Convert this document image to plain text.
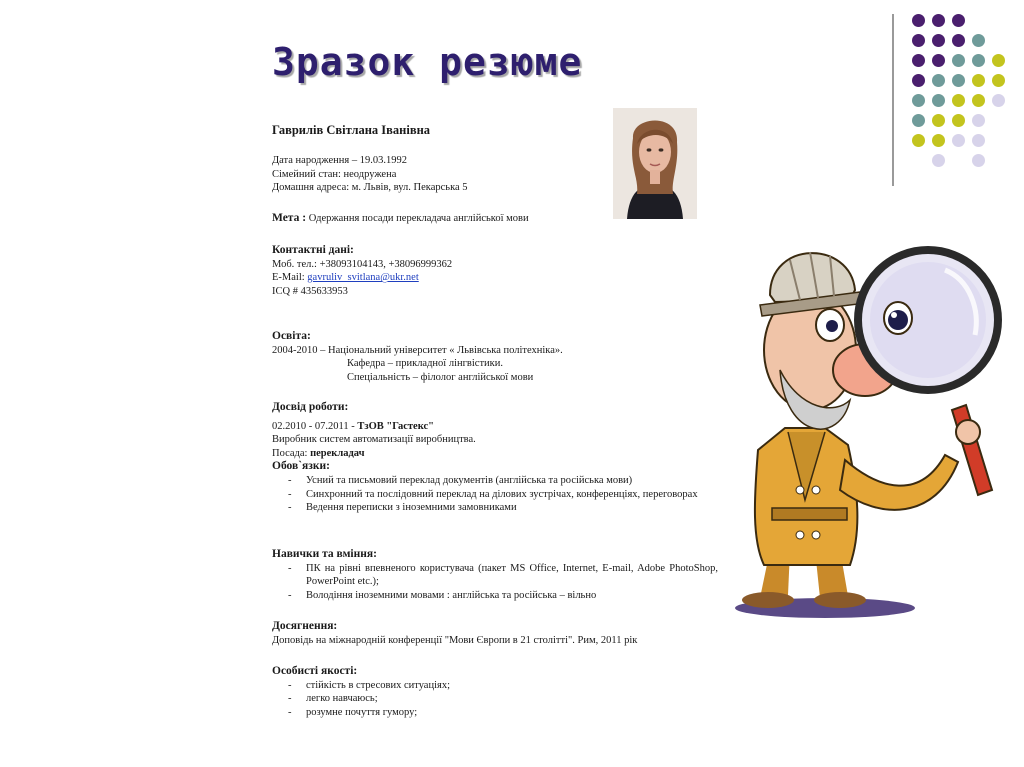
Зразок резюме
Гаврилів Світлана Іванівна
Дата народження – 19.03.1992
Сімейний стан: неодружена
Домашня адреса: м. Львів, вул. Пекарська 5
Мета : Одержання посади перекладача англійської мови
Контактні дані:
Моб. тел.: +38093104143, +38096999362
E-Mail: gavruliv_svitlana@ukr.net
ICQ # 435633953
Освіта:
2004-2010 – Національний університет « Львівська політехніка».
Кафедра – прикладної лінгвістики.
Спеціальність – філолог англійської мови
Досвід роботи:
02.2010 - 07.2011 - ТзОВ "Гастекс"
Виробник систем автоматизації виробництва.
Посада: перекладач
Обов`язки:
- Усний та письмовий переклад документів (англійська та російська мови)
- Синхронний та послідовний переклад на ділових зустрічах, конференціях, переговорах
- Ведення переписки з іноземними замовниками
Навички та вміння:
- ПК на рівні впевненого користувача (пакет MS Office, Internet, E-mail, Adobe PhotoShop, PowerPoint etc.);
- Володіння іноземними мовами : англійська та російська – вільно
Досягнення:
Доповідь на міжнародній конференції "Мови Європи в 21 столітті". Рим, 2011 рік
Особисті якості:
- стійкість в стресових ситуаціях;
- легко навчаюсь;
- розумне почуття гумору;
